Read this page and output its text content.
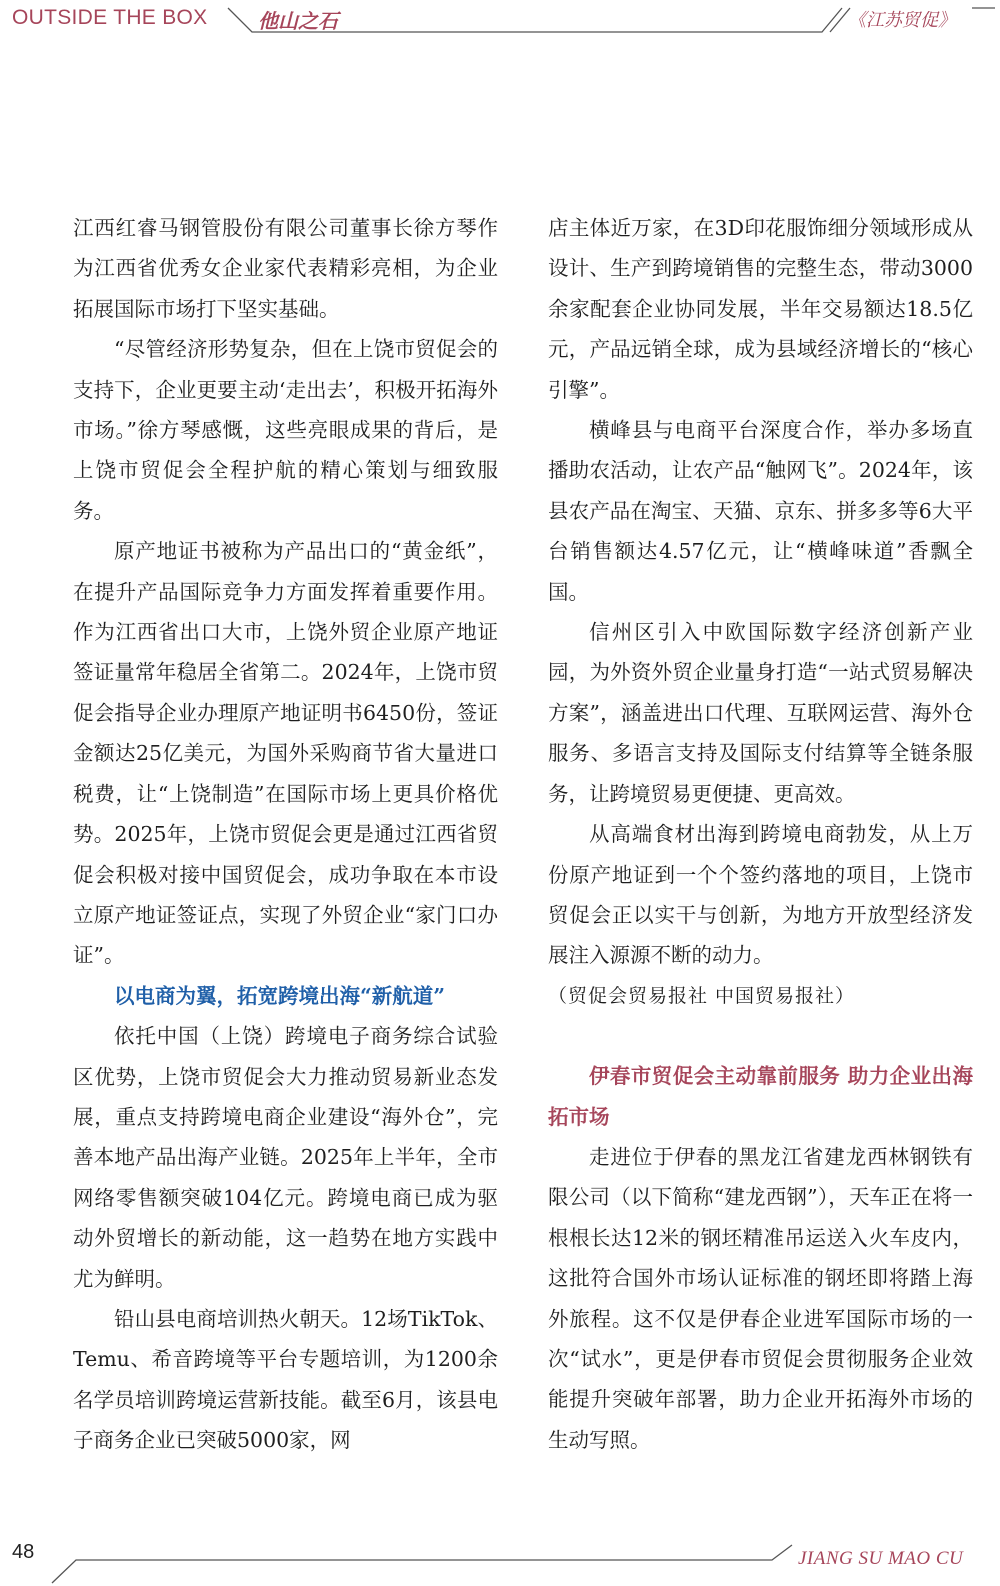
OUTSIDE THE BOX	他山之石	《江苏贸促》

江西红睿马钢管股份有限公司董事长徐方琴作为江西省优秀女企业家代表精彩亮相，为企业拓展国际市场打下坚实基础。

“尽管经济形势复杂，但在上饶市贸促会的支持下，企业更要主动‘走出去’，积极开拓海外市场。”徐方琴感慨，这些亮眼成果的背后，是上饶市贸促会全程护航的精心策划与细致服务。

原产地证书被称为产品出口的“黄金纸”，在提升产品国际竞争力方面发挥着重要作用。作为江西省出口大市，上饶外贸企业原产地证签证量常年稳居全省第二。2024年，上饶市贸促会指导企业办理原产地证明书6450份，签证金额达25亿美元，为国外采购商节省大量进口税费，让“上饶制造”在国际市场上更具价格优势。2025年，上饶市贸促会更是通过江西省贸促会积极对接中国贸促会，成功争取在本市设立原产地证签证点，实现了外贸企业“家门口办证”。

以电商为翼，拓宽跨境出海“新航道”

依托中国（上饶）跨境电子商务综合试验区优势，上饶市贸促会大力推动贸易新业态发展，重点支持跨境电商企业建设“海外仓”，完善本地产品出海产业链。2025年上半年，全市网络零售额突破104亿元。跨境电商已成为驱动外贸增长的新动能，这一趋势在地方实践中尤为鲜明。

铅山县电商培训热火朝天。12场TikTok、Temu、希音跨境等平台专题培训，为1200余名学员培训跨境运营新技能。截至6月，该县电子商务企业已突破5000家，网

店主体近万家，在3D印花服饰细分领域形成从设计、生产到跨境销售的完整生态，带动3000余家配套企业协同发展，半年交易额达18.5亿元，产品远销全球，成为县域经济增长的“核心引擎”。

横峰县与电商平台深度合作，举办多场直播助农活动，让农产品“触网飞”。2024年，该县农产品在淘宝、天猫、京东、拼多多等6大平台销售额达4.57亿元，让“横峰味道”香飘全国。

信州区引入中欧国际数字经济创新产业园，为外资外贸企业量身打造“一站式贸易解决方案”，涵盖进出口代理、互联网运营、海外仓服务、多语言支持及国际支付结算等全链条服务，让跨境贸易更便捷、更高效。

从高端食材出海到跨境电商勃发，从上万份原产地证到一个个签约落地的项目，上饶市贸促会正以实干与创新，为地方开放型经济发展注入源源不断的动力。

（贸促会贸易报社 中国贸易报社）

伊春市贸促会主动靠前服务 助力企业出海拓市场

走进位于伊春的黑龙江省建龙西林钢铁有限公司（以下简称“建龙西钢”），天车正在将一根根长达12米的钢坯精准吊运送入火车皮内，这批符合国外市场认证标准的钢坯即将踏上海外旅程。这不仅是伊春企业进军国际市场的一次“试水”，更是伊春市贸促会贯彻服务企业效能提升突破年部署，助力企业开拓海外市场的生动写照。

48	JIANG SU MAO CU
